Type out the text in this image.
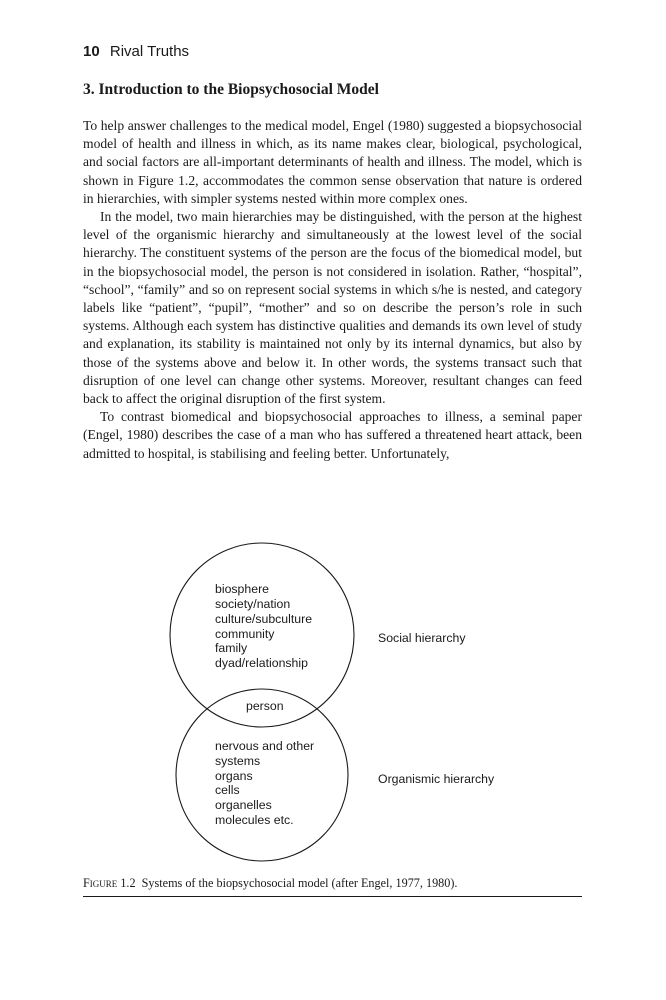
10 Rival Truths
3. Introduction to the Biopsychosocial Model

To help answer challenges to the medical model, Engel (1980) suggested a biopsychosocial model of health and illness in which, as its name makes clear, biological, psychological, and social factors are all-important determinants of health and illness. The model, which is shown in Figure 1.2, accommodates the common sense observation that nature is ordered in hierarchies, with simpler systems nested within more complex ones.

In the model, two main hierarchies may be distinguished, with the person at the highest level of the organismic hierarchy and simultaneously at the lowest level of the social hierarchy. The constituent systems of the person are the focus of the biomedical model, but in the biopsychosocial model, the person is not considered in isolation. Rather, “hospital”, “school”, “family” and so on represent social systems in which s/he is nested, and category labels like “patient”, “pupil”, “mother” and so on describe the person’s role in such systems. Although each system has distinctive qualities and demands its own level of study and explanation, its stability is maintained not only by its internal dynamics, but also by those of the systems above and below it. In other words, the systems transact such that disruption of one level can change other systems. Moreover, resultant changes can feed back to affect the original disruption of the first system.

To contrast biomedical and biopsychosocial approaches to illness, a seminal paper (Engel, 1980) describes the case of a man who has suffered a threatened heart attack, been admitted to hospital, is stabilising and feeling better. Unfortunately,

biosphere
society/nation
culture/subculture
community
family
dyad/relationship
person
nervous and other
systems
organs
cells
organelles
molecules etc.
Social hierarchy
Organismic hierarchy
Figure 1.2 Systems of the biopsychosocial model (after Engel, 1977, 1980).
